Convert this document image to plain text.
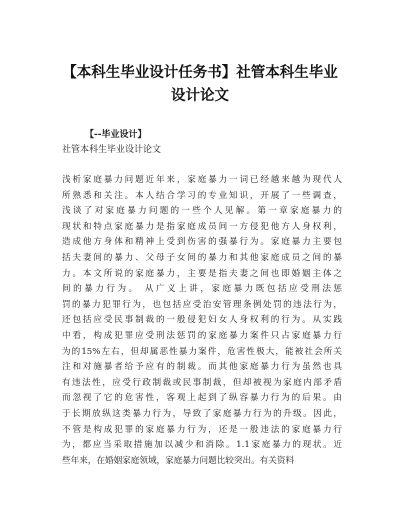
【本科生毕业设计任务书】社管本科生毕业
设计论文
【--毕业设计】
社管本科生毕业设计论文
浅析家庭暴力问题近年来，家庭暴力一词已经越来越为现代人
所熟悉和关注。本人结合学习的专业知识，开展了一些调查，
浅谈了对家庭暴力问题的一些个人见解。第一章家庭暴力的
现状和特点家庭暴力是指家庭成员间一方侵犯他方人身权利，
造成他方身体和精神上受到伤害的强暴行为。家庭暴力主要包
括夫妻间的暴力、父母子女间的暴力和其他家庭成员之间的暴
力。本文所说的家庭暴力，主要是指夫妻之间也即婚姻主体之
间的暴力行为。 从广义上讲，家庭暴力既包括应受刑法惩
罚的暴力犯罪行为，也包括应受治安管理条例处罚的违法行为，
还包括应受民事制裁的一般侵犯妇女人身权利的行为。从实践
中看，构成犯罪应受刑法惩罚的家庭暴力案件只占家庭暴力行
为的15%左右，但却属恶性暴力案件，危害性极大，能被社会所关
注和对施暴者给予应有的制裁。而其他家庭暴力行为虽然也具
有违法性，应受行政制裁或民事制裁，但却被视为家庭内部矛盾
而忽视了它的危害性，客观上起到了纵容暴力行为的后果。由
于长期放纵这类暴力行为，导致了家庭暴力行为的升级。因此，
不管是构成犯罪的家庭暴力行为，还是一般违法的家庭暴力行
为，都应当采取措施加以减少和消除。1.1家庭暴力的现状。近
些年来，在婚姻家庭领域，家庭暴力问题比较突出。有关资料
